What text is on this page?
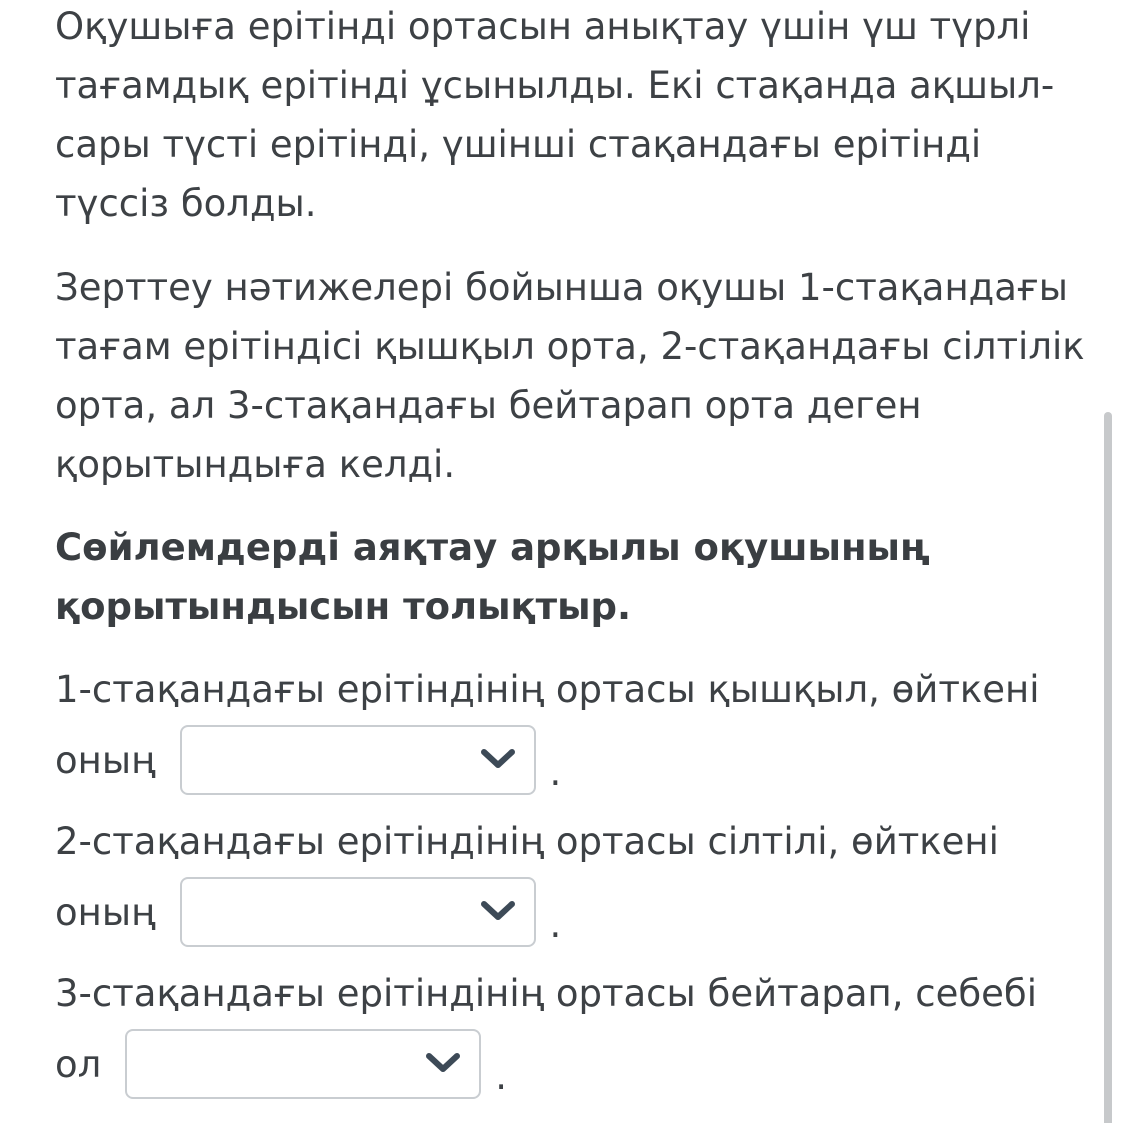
Оқушыға ерітінді ортасын анықтау үшін үш түрлі тағамдық ерітінді ұсынылды. Екі стақанда ақшыл-сары түсті ерітінді, үшінші стақандағы ерітінді түссіз болды.

Зерттеу нәтижелері бойынша оқушы 1-стақандағы тағам ерітіндісі қышқыл орта, 2-стақандағы сілтілік орта, ал 3-стақандағы бейтарап орта деген қорытындыға келді.

Сөйлемдерді аяқтау арқылы оқушының қорытындысын толықтыр.

1-стақандағы ерітіндінің ортасы қышқыл, өйткені
оның	.
2-стақандағы ерітіндінің ортасы сілтілі, өйткені
оның	.
3-стақандағы ерітіндінің ортасы бейтарап, себебі
ол	.
